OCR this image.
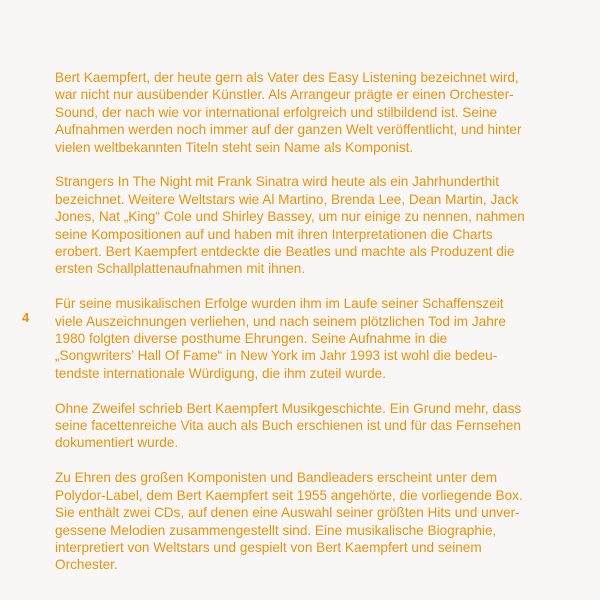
4

Bert Kaempfert, der heute gern als Vater des Easy Listening bezeichnet wird,
war nicht nur ausübender Künstler. Als Arrangeur prägte er einen Orchester-
Sound, der nach wie vor international erfolgreich und stilbildend ist. Seine
Aufnahmen werden noch immer auf der ganzen Welt veröffentlicht, und hinter
vielen weltbekannten Titeln steht sein Name als Komponist.

Strangers In The Night mit Frank Sinatra wird heute als ein Jahrhunderthit
bezeichnet. Weitere Weltstars wie Al Martino, Brenda Lee, Dean Martin, Jack
Jones, Nat „King“ Cole und Shirley Bassey, um nur einige zu nennen, nahmen
seine Kompositionen auf und haben mit ihren Interpretationen die Charts
erobert. Bert Kaempfert entdeckte die Beatles und machte als Produzent die
ersten Schallplattenaufnahmen mit ihnen.

Für seine musikalischen Erfolge wurden ihm im Laufe seiner Schaffenszeit
viele Auszeichnungen verliehen, und nach seinem plötzlichen Tod im Jahre
1980 folgten diverse posthume Ehrungen. Seine Aufnahme in die
„Songwriters’ Hall Of Fame“ in New York im Jahr 1993 ist wohl die bedeu-
tendste internationale Würdigung, die ihm zuteil wurde.

Ohne Zweifel schrieb Bert Kaempfert Musikgeschichte. Ein Grund mehr, dass
seine facettenreiche Vita auch als Buch erschienen ist und für das Fernsehen
dokumentiert wurde.

Zu Ehren des großen Komponisten und Bandleaders erscheint unter dem
Polydor-Label, dem Bert Kaempfert seit 1955 angehörte, die vorliegende Box.
Sie enthält zwei CDs, auf denen eine Auswahl seiner größten Hits und unver-
gessene Melodien zusammengestellt sind. Eine musikalische Biographie,
interpretiert von Weltstars und gespielt von Bert Kaempfert und seinem
Orchester.
